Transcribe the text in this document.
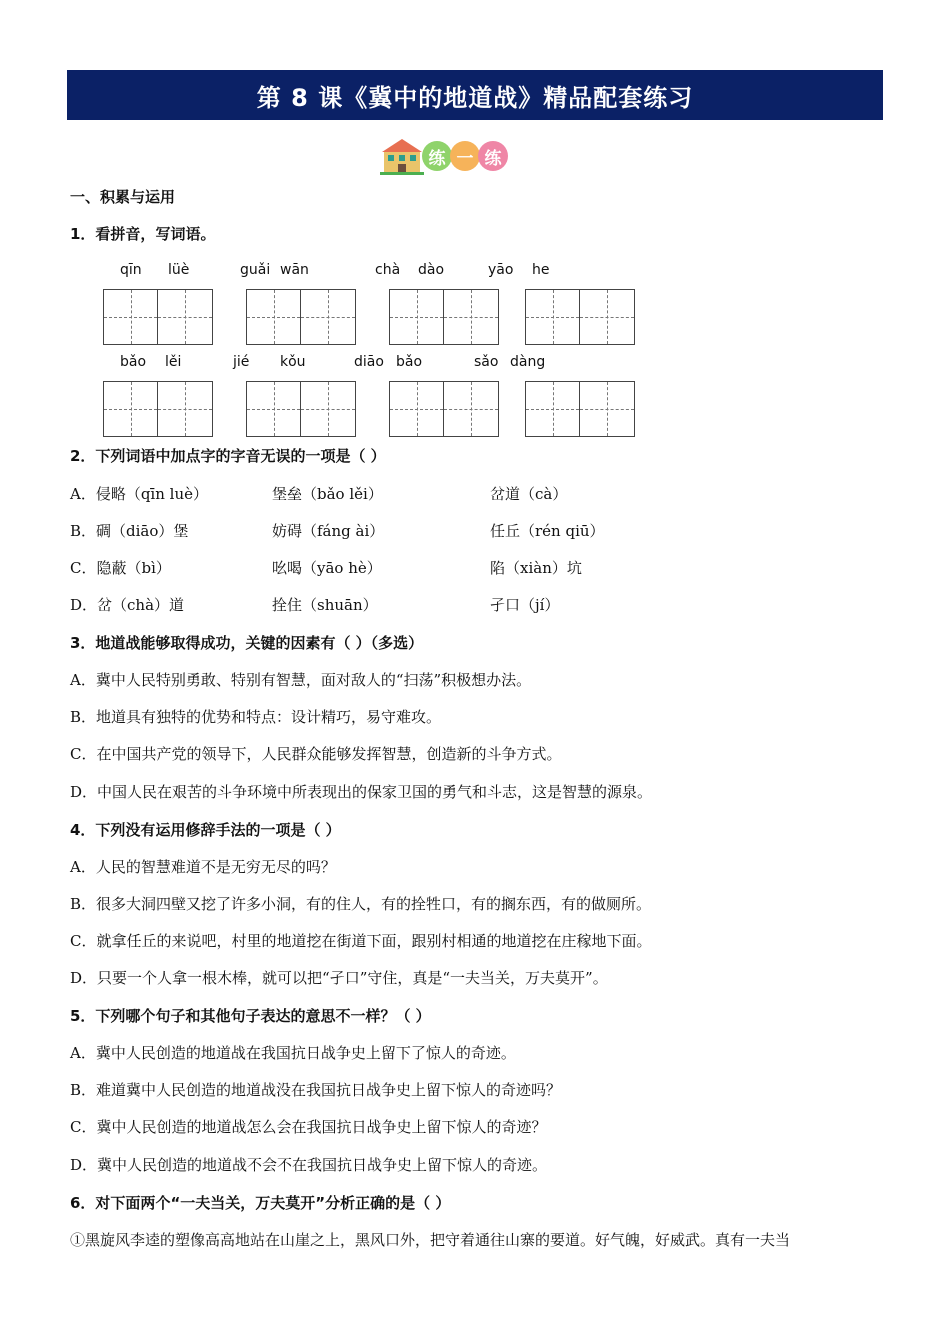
第 8 课《冀中的地道战》精品配套练习
练 一 练
一、积累与运用
1．看拼音，写词语。
qīn lüè	guǎi wān	chà dào	yāo he
bǎo lěi	jié kǒu	diāo bǎo	sǎo dàng
2．下列词语中加点字的字音无误的一项是（ ）
A．侵略（qīn luè）	堡垒（bǎo lěi）	岔道（cà）
B．碉（diāo）堡	妨碍（fáng ài）	任丘（rén qiū）
C．隐蔽（bì）	吆喝（yāo hè）	陷（xiàn）坑
D．岔（chà）道	拴住（shuān）	孑口（jí）
3．地道战能够取得成功，关键的因素有（ ）（多选）
A．冀中人民特别勇敢、特别有智慧，面对敌人的“扫荡”积极想办法。
B．地道具有独特的优势和特点：设计精巧，易守难攻。
C．在中国共产党的领导下，人民群众能够发挥智慧，创造新的斗争方式。
D．中国人民在艰苦的斗争环境中所表现出的保家卫国的勇气和斗志，这是智慧的源泉。
4．下列没有运用修辞手法的一项是（ ）
A．人民的智慧难道不是无穷无尽的吗？
B．很多大洞四壁又挖了许多小洞，有的住人，有的拴牲口，有的搁东西，有的做厕所。
C．就拿任丘的来说吧，村里的地道挖在街道下面，跟别村相通的地道挖在庄稼地下面。
D．只要一个人拿一根木棒，就可以把“孑口”守住，真是“一夫当关，万夫莫开”。
5．下列哪个句子和其他句子表达的意思不一样？（ ）
A．冀中人民创造的地道战在我国抗日战争史上留下了惊人的奇迹。
B．难道冀中人民创造的地道战没在我国抗日战争史上留下惊人的奇迹吗？
C．冀中人民创造的地道战怎么会在我国抗日战争史上留下惊人的奇迹？
D．冀中人民创造的地道战不会不在我国抗日战争史上留下惊人的奇迹。
6．对下面两个“一夫当关，万夫莫开”分析正确的是（ ）
①黑旋风李逵的塑像高高地站在山崖之上，黑风口外，把守着通往山寨的要道。好气魄，好威武。真有一夫当
